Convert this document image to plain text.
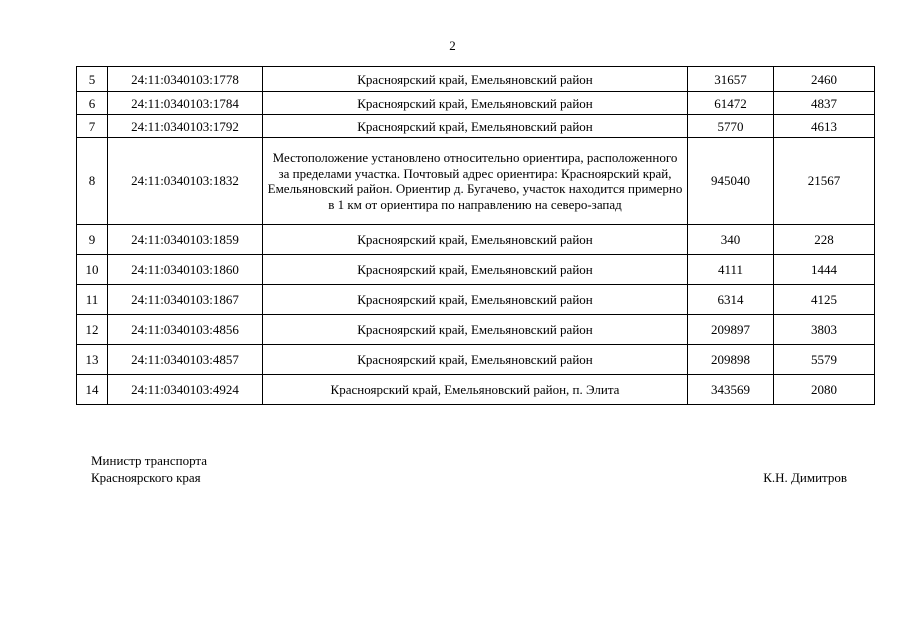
2
5	24:11:0340103:1778	Красноярский край, Емельяновский район	31657	2460
6	24:11:0340103:1784	Красноярский край, Емельяновский район	61472	4837
7	24:11:0340103:1792	Красноярский край, Емельяновский район	5770	4613
8	24:11:0340103:1832	Местоположение установлено относительно ориентира, расположенного за пределами участка. Почтовый адрес ориентира: Красноярский край, Емельяновский район. Ориентир д. Бугачево, участок находится примерно в 1 км от ориентира по направлению на северо-запад	945040	21567
9	24:11:0340103:1859	Красноярский край, Емельяновский район	340	228
10	24:11:0340103:1860	Красноярский край, Емельяновский район	4111	1444
11	24:11:0340103:1867	Красноярский край, Емельяновский район	6314	4125
12	24:11:0340103:4856	Красноярский край, Емельяновский район	209897	3803
13	24:11:0340103:4857	Красноярский край, Емельяновский район	209898	5579
14	24:11:0340103:4924	Красноярский край, Емельяновский район, п. Элита	343569	2080
Министр транспорта
Красноярского края	К.Н. Димитров
